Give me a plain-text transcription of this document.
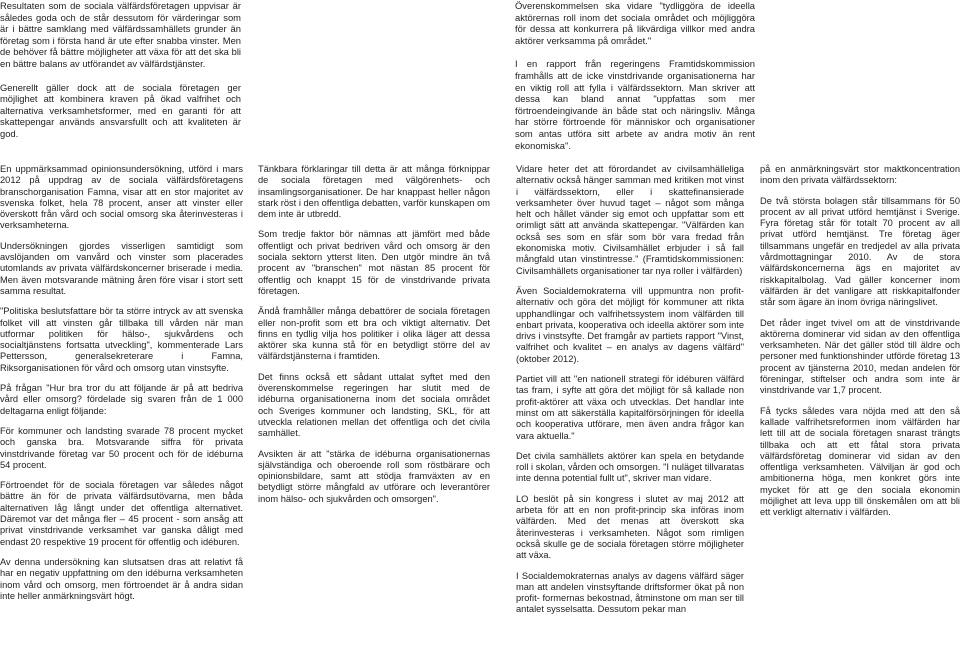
Resultaten som de sociala välfärdsföretagen uppvisar är således goda och de står dessutom för värderingar som är i bättre samklang med välfärdssamhällets grunder än företag som i första hand är ute efter snabba vinster. Men de behöver få bättre möjligheter att växa för att det ska bli en bättre balans av utförandet av välfärdstjänster.

Generellt gäller dock att de sociala företagen ger möjlighet att kombinera kraven på ökad valfrihet och alternativa verksamhetsformer, med en garanti för att skattepengar används ansvarsfullt och att kvaliteten är god.

Överenskommelsen ska vidare "tydliggöra de ideella aktörernas roll inom det sociala området och möjliggöra för dessa att konkurrera på likvärdiga villkor med andra aktörer verksamma på området."

I en rapport från regeringens Framtidskommission framhålls att de icke vinstdrivande organisationerna har en viktig roll att fylla i välfärdssektorn. Man skriver att dessa kan bland annat "uppfattas som mer förtroendeingivande än både stat och näringsliv. Många har större förtroende för människor och organisationer som antas utföra sitt arbete av andra motiv än rent ekonomiska".

En uppmärksammad opinionsundersökning, utförd i mars 2012 på uppdrag av de sociala välfärdsföretagens branschorganisation Famna, visar att en stor majoritet av svenska folket, hela 78 procent, anser att vinster eller överskott från vård och social omsorg ska återinvesteras i verksamheterna.

Undersökningen gjordes visserligen samtidigt som avslöjanden om vanvård och vinster som placerades utomlands av privata välfärdskoncerner briserade i media. Men även motsvarande mätning åren före visar i stort sett samma resultat.

"Politiska beslutsfattare bör ta större intryck av att svenska folket vill att vinsten går tillbaka till vården när man utformar politiken för hälso-, sjukvårdens och socialtjänstens fortsatta utveckling", kommenterade Lars Pettersson, generalsekreterare i Famna, Riksorganisationen för vård och omsorg utan vinstsyfte.

På frågan "Hur bra tror du att följande är på att bedriva vård eller omsorg? fördelade sig svaren från de 1 000 deltagarna enligt följande:

För kommuner och landsting svarade 78 procent mycket och ganska bra. Motsvarande siffra för privata vinstdrivande företag var 50 procent och för de idéburna 54 procent.

Förtroendet för de sociala företagen var således något bättre än för de privata välfärdsutövarna, men båda alternativen låg långt under det offentliga alternativet. Däremot var det många fler – 45 procent - som ansåg att privat vinstdrivande verksamhet var ganska dåligt med endast 20 respektive 19 procent för offentlig och idéburen.

Av denna undersökning kan slutsatsen dras att relativt få har en negativ uppfattning om den idéburna verksamheten inom vård och omsorg, men förtroendet är å andra sidan inte heller anmärkningsvärt högt.

Tänkbara förklaringar till detta är att många förknippar de sociala företagen med välgörenhets- och insamlingsorganisationer. De har knappast heller någon stark röst i den offentliga debatten, varför kunskapen om dem inte är utbredd.

Som tredje faktor bör nämnas att jämfört med både offentligt och privat bedriven vård och omsorg är den sociala sektorn ytterst liten. Den utgör mindre än två procent av "branschen" mot nästan 85 procent för offentlig och knappt 15 för de vinstdrivande privata företagen.

Ändå framhåller många debattörer de sociala företagen eller non-profit som ett bra och viktigt alternativ. Det finns en tydlig vilja hos politiker i olika läger att dessa aktörer ska kunna stå för en betydligt större del av välfärdstjänsterna i framtiden.

Det finns också ett sådant uttalat syftet med den överenskommelse regeringen har slutit med de idéburna organisationerna inom det sociala området och Sveriges kommuner och landsting, SKL, för att utveckla relationen mellan det offentliga och det civila samhället.

Avsikten är att "stärka de idéburna organisationernas självständiga och oberoende roll som röstbärare och opinionsbildare, samt att stödja framväxten av en betydligt större mångfald av utförare och leverantörer inom hälso- och sjukvården och omsorgen".

Vidare heter det att förordandet av civilsamhälleliga alternativ också hänger samman med kritiken mot vinst i välfärdssektorn, eller i skattefinansierade verksamheter över huvud taget – något som många helt och hållet vänder sig emot och uppfattar som ett orimligt sätt att använda skattepengar. "Välfärden kan också ses som en sfär som bör vara fredad från ekonomiska motiv. Civilsamhället erbjuder i så fall mångfald utan vinstintresse." (Framtidskommissionen: Civilsamhällets organisationer tar nya roller i välfärden)

Även Socialdemokraterna vill uppmuntra non profit-alternativ och göra det möjligt för kommuner att rikta upphandlingar och valfrihetssystem inom välfärden till enbart privata, kooperativa och ideella aktörer som inte drivs i vinstsyfte. Det framgår av partiets rapport "Vinst, valfrihet och kvalitet – en analys av dagens välfärd" (oktober 2012).

Partiet vill att "en nationell strategi för idéburen välfärd tas fram, i syfte att göra det möjligt för så kallade non profit-aktörer att växa och utvecklas. Det handlar inte minst om att säkerställa kapitalförsörjningen för ideella och kooperativa utförare, men även andra frågor kan vara aktuella."

Det civila samhällets aktörer kan spela en betydande roll i skolan, vården och omsorgen. "I nuläget tillvaratas inte denna potential fullt ut", skriver man vidare.

LO beslöt på sin kongress i slutet av maj 2012 att arbeta för att en non profit-princip ska införas inom välfärden. Med det menas att överskott ska återinvesteras i verksamheten. Något som rimligen också skulle ge de sociala företagen större möjligheter att växa.

I Socialdemokraternas analys av dagens välfärd säger man att andelen vinstsyftande driftsformer ökat på non profit- formernas bekostnad, åtminstone om man ser till antalet sysselsatta. Dessutom pekar man

på en anmärkningsvärt stor maktkoncentration inom den privata välfärdssektorn:

De två största bolagen står tillsammans för 50 procent av all privat utförd hemtjänst i Sverige. Fyra företag står för totalt 70 procent av all privat utförd hemtjänst. Tre företag äger tillsammans ungefär en tredjedel av alla privata vårdmottagningar 2010. Av de stora välfärdskoncernerna ägs en majoritet av riskkapitalbolag. Vad gäller koncerner inom välfärden är det vanligare att riskkapitalfonder står som ägare än inom övriga näringslivet.

Det råder inget tvivel om att de vinstdrivande aktörerna dominerar vid sidan av den offentliga verksamheten. När det gäller stöd till äldre och personer med funktionshinder utförde företag 13 procent av tjänsterna 2010, medan andelen för föreningar, stiftelser och andra som inte är vinstdrivande var 1,7 procent.

Få tycks således vara nöjda med att den så kallade valfrihetsreformen inom välfärden har lett till att de sociala företagen snarast trängts tillbaka och att ett fåtal stora privata välfärdsföretag dominerar vid sidan av den offentliga verksamheten. Välviljan är god och ambitionerna höga, men konkret görs inte mycket för att ge den sociala ekonomin möjlighet att leva upp till önskemålen om att bli ett verkligt alternativ i välfärden.
